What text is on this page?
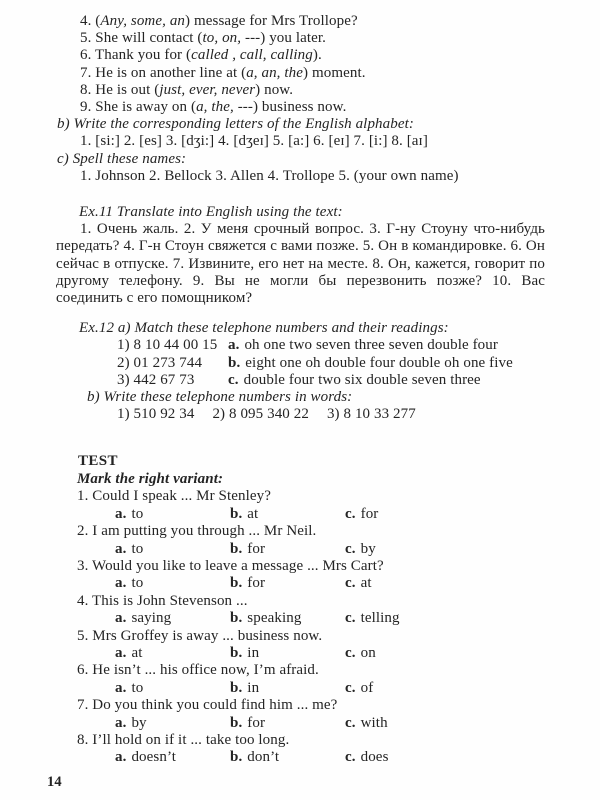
4. (Any, some, an) message for Mrs Trollope?
5. She will contact (to, on, ---) you later.
6. Thank you for (called , call, calling).
7. He is on another line at (a, an, the) moment.
8. He is out (just, ever, never) now.
9. She is away on (a, the, ---) business now.
b) Write the corresponding letters of the English alphabet:
1. [si:] 2. [es] 3. [dʒi:] 4. [dʒeɪ] 5. [a:] 6. [eɪ] 7. [i:] 8. [aɪ]
c) Spell these names:
1. Johnson 2. Bellock 3. Allen 4. Trollope 5. (your own name)
Ex.11 Translate into English using the text:
1. Очень жаль. 2. У меня срочный вопрос. 3. Г-ну Стоуну что-нибудь передать? 4. Г-н Стоун свяжется с вами позже. 5. Он в командировке. 6. Он сейчас в отпуске. 7. Извините, его нет на месте. 8. Он, кажется, говорит по другому телефону. 9. Вы не могли бы перезвонить позже? 10. Вас соединить с его помощником?
Ex.12 a) Match these telephone numbers and their readings:
1) 8 10 44 00 15 a. oh one two seven three seven double four
2) 01 273 744 b. eight one oh double four double oh one five
3) 442 67 73 c. double four two six double seven three
b) Write these telephone numbers in words:
1) 510 92 34 2) 8 095 340 22 3) 8 10 33 277
TEST
Mark the right variant:
1. Could I speak ... Mr Stenley?
a. to	b. at	c. for
2. I am putting you through ... Mr Neil.
a. to	b. for	c. by
3. Would you like to leave a message ... Mrs Cart?
a. to	b. for	c. at
4. This is John Stevenson ...
a. saying	b. speaking	c. telling
5. Mrs Groffey is away ... business now.
a. at	b. in	c. on
6. He isn’t ... his office now, I’m afraid.
a. to	b. in	c. of
7. Do you think you could find him ... me?
a. by	b. for	c. with
8. I’ll hold on if it ... take too long.
a. doesn’t	b. don’t	c. does
14
